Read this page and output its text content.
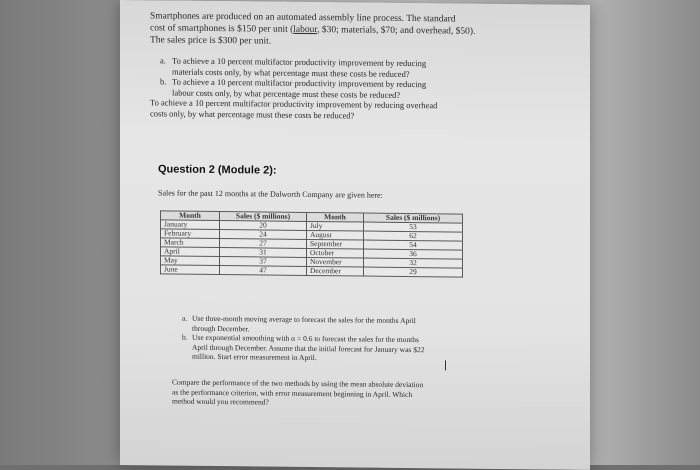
Smartphones are produced on an automated assembly line process. The standard
cost of smartphones is $150 per unit (labour, $30; materials, $70; and overhead, $50).
The sales price is $300 per unit.
a. To achieve a 10 percent multifactor productivity improvement by reducing
materials costs only, by what percentage must these costs be reduced?
b. To achieve a 10 percent multifactor productivity improvement by reducing
labour costs only, by what percentage must these costs be reduced?
To achieve a 10 percent multifactor productivity improvement by reducing overhead
costs only, by what percentage must these costs be reduced?
Question 2 (Module 2):
Sales for the past 12 months at the Dalworth Company are given here:
Month	Sales ($ millions)	Month	Sales ($ millions)
January	20	July	53
February	24	August	62
March	27	September	54
April	31	October	36
May	37	November	32
June	47	December	29
a. Use three-month moving average to forecast the sales for the months April
through December.
b. Use exponential smoothing with α = 0.6 to forecast the sales for the months
April through December. Assume that the initial forecast for January was $22
million. Start error measurement in April.
Compare the performance of the two methods by using the mean absolute deviation
as the performance criterion, with error measurement beginning in April. Which
method would you recommend?
